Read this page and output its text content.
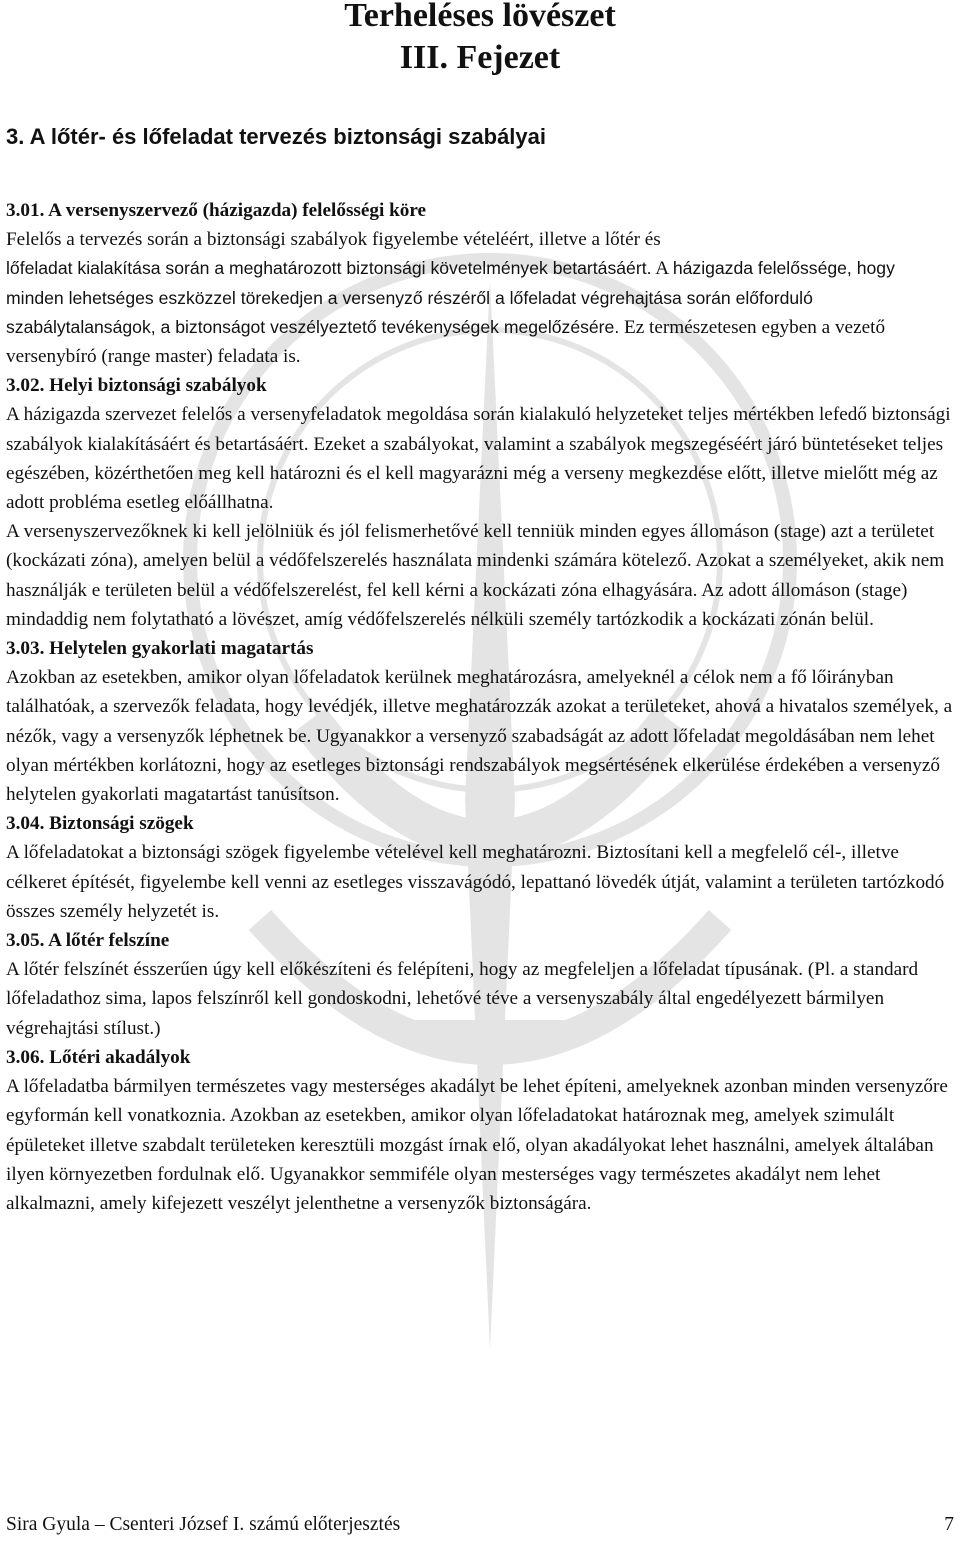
Terheléses lövészet
III. Fejezet
3. A lőtér- és lőfeladat tervezés biztonsági szabályai

3.01. A versenyszervező (házigazda) felelősségi köre

Felelős a tervezés során a biztonsági szabályok figyelembe vételéért, illetve a lőtér és

lőfeladat kialakítása során a meghatározott biztonsági követelmények betartásáért. A házigazda felelőssége, hogy minden lehetséges eszközzel törekedjen a versenyző részéről a lőfeladat végrehajtása során előforduló szabálytalanságok, a biztonságot veszélyeztető tevékenységek megelőzésére. Ez természetesen egyben a vezető versenybíró (range master) feladata is.

3.02. Helyi biztonsági szabályok

A házigazda szervezet felelős a versenyfeladatok megoldása során kialakuló helyzeteket teljes mértékben lefedő biztonsági szabályok kialakításáért és betartásáért. Ezeket a szabályokat, valamint a szabályok megszegéséért járó büntetéseket teljes egészében, közérthetően meg kell határozni és el kell magyarázni még a verseny megkezdése előtt, illetve mielőtt még az adott probléma esetleg előállhatna.

A versenyszervezőknek ki kell jelölniük és jól felismerhetővé kell tenniük minden egyes állomáson (stage) azt a területet (kockázati zóna), amelyen belül a védőfelszerelés használata mindenki számára kötelező. Azokat a személyeket, akik nem használják e területen belül a védőfelszerelést, fel kell kérni a kockázati zóna elhagyására. Az adott állomáson (stage) mindaddig nem folytatható a lövészet, amíg védőfelszerelés nélküli személy tartózkodik a kockázati zónán belül.

3.03. Helytelen gyakorlati magatartás

Azokban az esetekben, amikor olyan lőfeladatok kerülnek meghatározásra, amelyeknél a célok nem a fő lőirányban találhatóak, a szervezők feladata, hogy levédjék, illetve meghatározzák azokat a területeket, ahová a hivatalos személyek, a nézők, vagy a versenyzők léphetnek be. Ugyanakkor a versenyző szabadságát az adott lőfeladat megoldásában nem lehet olyan mértékben korlátozni, hogy az esetleges biztonsági rendszabályok megsértésének elkerülése érdekében a versenyző helytelen gyakorlati magatartást tanúsítson.

3.04. Biztonsági szögek

A lőfeladatokat a biztonsági szögek figyelembe vételével kell meghatározni. Biztosítani kell a megfelelő cél-, illetve célkeret építését, figyelembe kell venni az esetleges visszavágódó, lepattanó lövedék útját, valamint a területen tartózkodó összes személy helyzetét is.

3.05. A lőtér felszíne

A lőtér felszínét ésszerűen úgy kell előkészíteni és felépíteni, hogy az megfeleljen a lőfeladat típusának. (Pl. a standard lőfeladathoz sima, lapos felszínről kell gondoskodni, lehetővé téve a versenyszabály által engedélyezett bármilyen végrehajtási stílust.)

3.06. Lőtéri akadályok

A lőfeladatba bármilyen természetes vagy mesterséges akadályt be lehet építeni, amelyeknek azonban minden versenyzőre egyformán kell vonatkoznia. Azokban az esetekben, amikor olyan lőfeladatokat határoznak meg, amelyek szimulált épületeket illetve szabdalt területeken keresztüli mozgást írnak elő, olyan akadályokat lehet használni, amelyek általában ilyen környezetben fordulnak elő. Ugyanakkor semmiféle olyan mesterséges vagy természetes akadályt nem lehet alkalmazni, amely kifejezett veszélyt jelenthetne a versenyzők biztonságára.

Sira Gyula – Csenteri József I. számú előterjesztés	7
